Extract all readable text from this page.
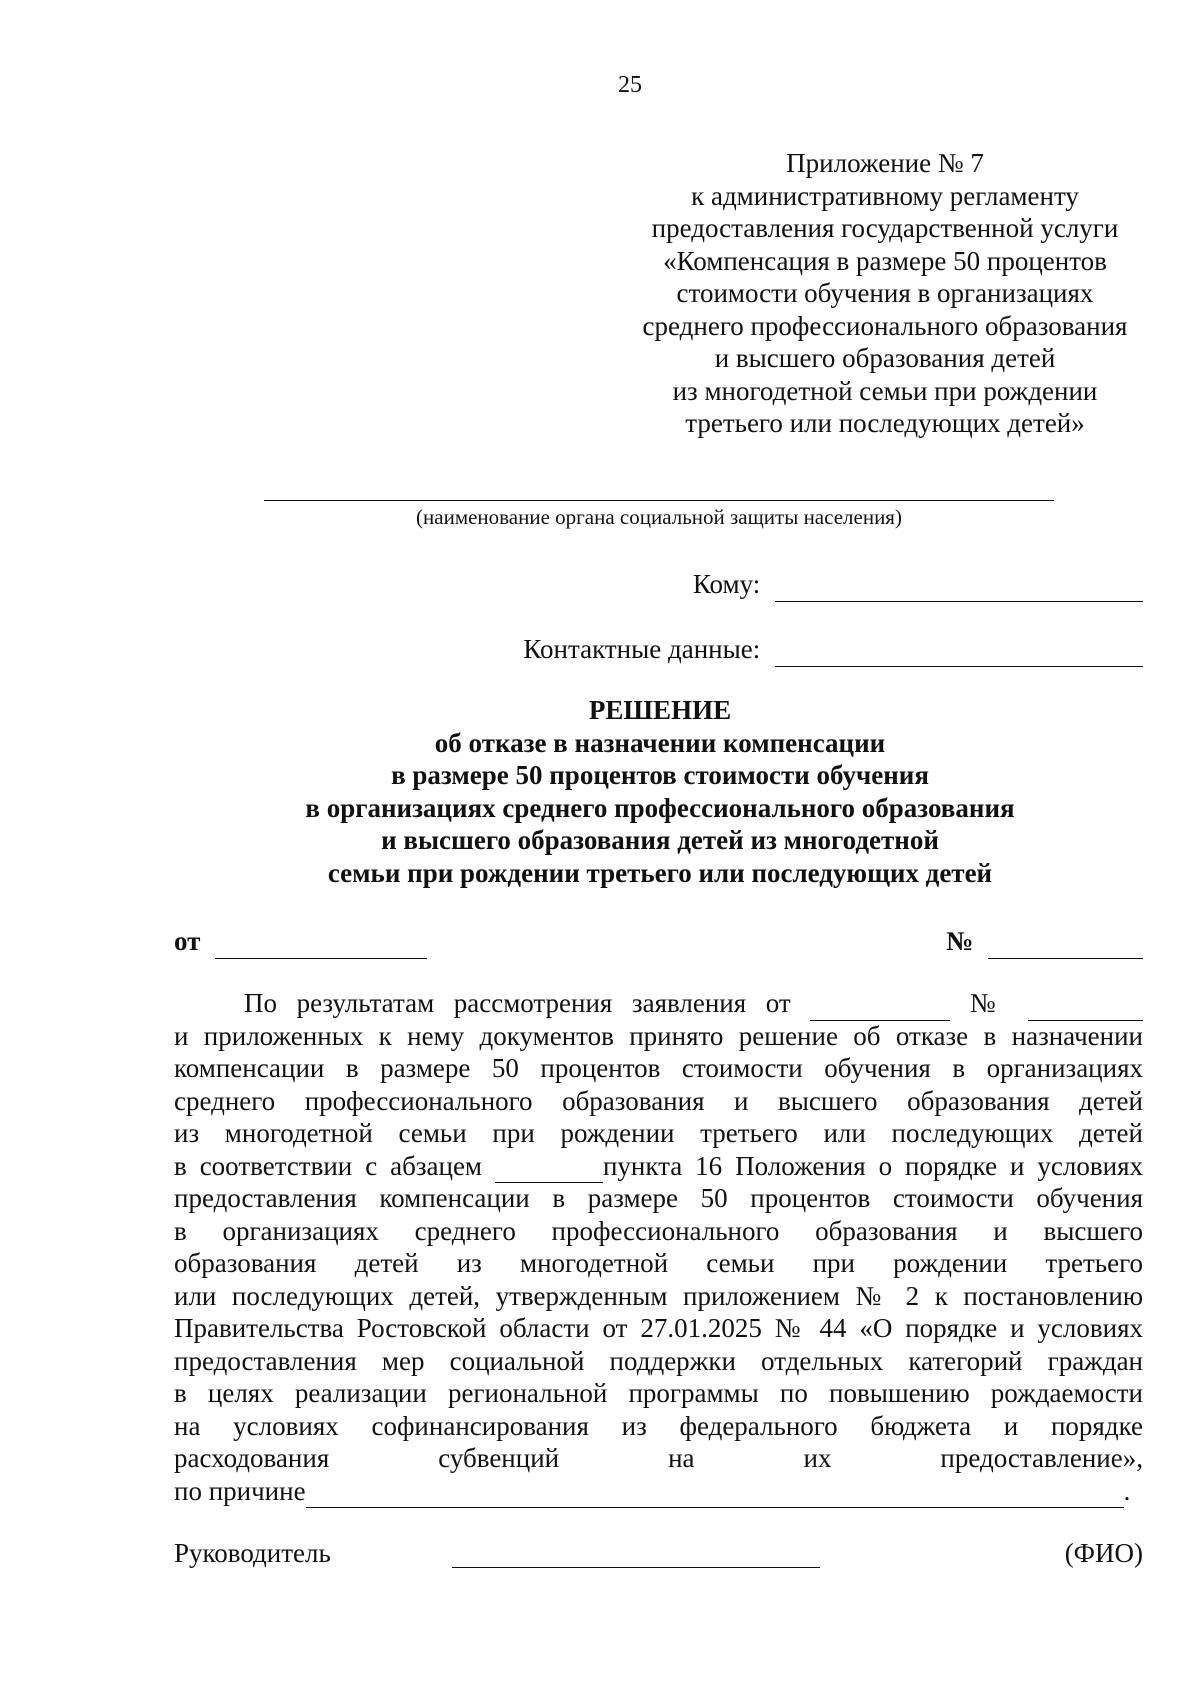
25
Приложение № 7
к административному регламенту
предоставления государственной услуги
«Компенсация в размере 50 процентов
стоимости обучения в организациях
среднего профессионального образования
и высшего образования детей
из многодетной семьи при рождении
третьего или последующих детей»
(наименование органа социальной защиты населения)
Кому:
Контактные данные:
РЕШЕНИЕ
об отказе в назначении компенсации
в размере 50 процентов стоимости обучения
в организациях среднего профессионального образования
и высшего образования детей из многодетной
семьи при рождении третьего или последующих детей
от	№
По результатам рассмотрения заявления от	№
и приложенных к нему документов принято решение об отказе в назначении
компенсации в размере 50 процентов стоимости обучения в организациях
среднего профессионального образования и высшего образования детей
из многодетной семьи при рождении третьего или последующих детей
в соответствии с абзацем	пункта 16 Положения о порядке и условиях
предоставления компенсации в размере 50 процентов стоимости обучения
в организациях среднего профессионального образования и высшего
образования детей из многодетной семьи при рождении третьего
или последующих детей, утвержденным приложением № 2 к постановлению
Правительства Ростовской области от 27.01.2025 № 44 «О порядке и условиях
предоставления мер социальной поддержки отдельных категорий граждан
в целях реализации региональной программы по повышению рождаемости
на условиях софинансирования из федерального бюджета и порядке
расходования субвенций на их предоставление»,
по причине	.
Руководитель	(ФИО)
